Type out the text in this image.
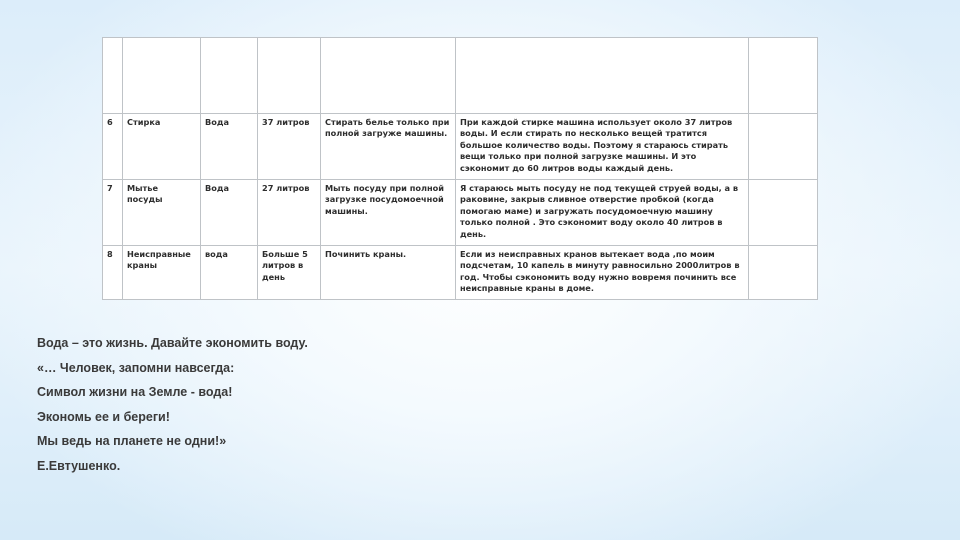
6	Стирка	Вода	37 литров	Стирать белье только при полной загруже машины.	При каждой стирке машина использует около 37 литров воды. И если стирать по несколько вещей тратится большое количество воды. Поэтому я стараюсь стирать вещи только при полной загрузке машины. И это сэкономит до 60 литров воды каждый день.	
7	Мытье посуды	Вода	27 литров	Мыть посуду при полной загрузке посудомоечной машины.	Я стараюсь мыть посуду не под текущей струей воды, а в раковине, закрыв сливное отверстие пробкой (когда помогаю маме) и загружать посудомоечную машину только полной . Это сэкономит воду около 40 литров в день.	
8	Неисправные краны	вода	Больше 5 литров в день	Починить краны.	Если из неисправных кранов вытекает вода ,по моим подсчетам, 10 капель в минуту равносильно 2000литров в год. Чтобы сэкономить воду нужно вовремя починить все неисправные краны в доме.	

Вода – это жизнь. Давайте экономить воду.

«… Человек, запомни навсегда:

Символ жизни на Земле - вода!

Экономь ее и береги!

Мы ведь на планете не одни!»

Е.Евтушенко.
